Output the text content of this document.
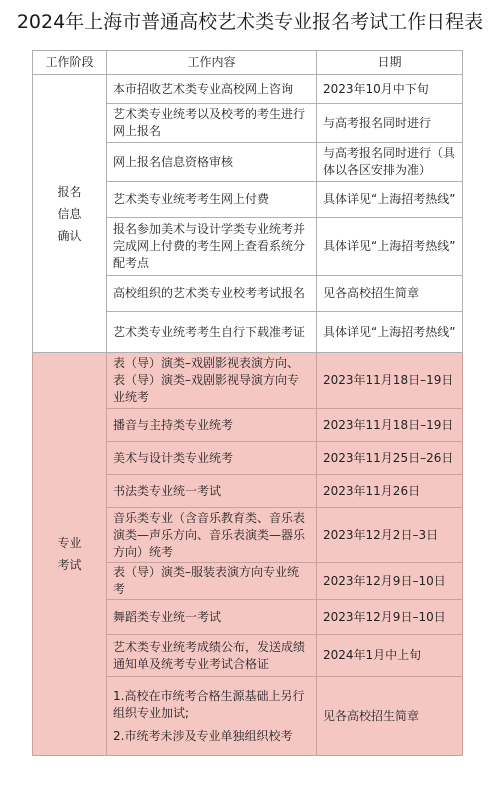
2024年上海市普通高校艺术类专业报名考试工作日程表
工作阶段	工作内容	日期

报名
信息
确认	本市招收艺术类专业高校网上咨询	2023年10月中下旬
	艺术类专业统考以及校考的考生进行网上报名	与高考报名同时进行
	网上报名信息资格审核	与高考报名同时进行（具体以各区安排为准）
	艺术类专业统考考生网上付费	具体详见“上海招考热线”
	报名参加美术与设计学类专业统考并完成网上付费的考生网上查看系统分配考点	具体详见“上海招考热线”
	高校组织的艺术类专业校考考试报名	见各高校招生简章
	艺术类专业统考考生自行下载准考证	具体详见“上海招考热线”

专业
考试	表（导）演类–戏剧影视表演方向、表（导）演类–戏剧影视导演方向专业统考	2023年11月18日–19日
	播音与主持类专业统考	2023年11月18日–19日
	美术与设计类专业统考	2023年11月25日–26日
	书法类专业统一考试	2023年11月26日
	音乐类专业（含音乐教育类、音乐表演类—声乐方向、音乐表演类—器乐方向）统考	2023年12月2日–3日
	表（导）演类–服装表演方向专业统考	2023年12月9日–10日
	舞蹈类专业统一考试	2023年12月9日–10日
	艺术类专业统考成绩公布，发送成绩通知单及统考专业考试合格证	2024年1月中上旬

	1.高校在市统考合格生源基础上另行组织专业加试;
2.市统考未涉及专业单独组织校考	见各高校招生简章
